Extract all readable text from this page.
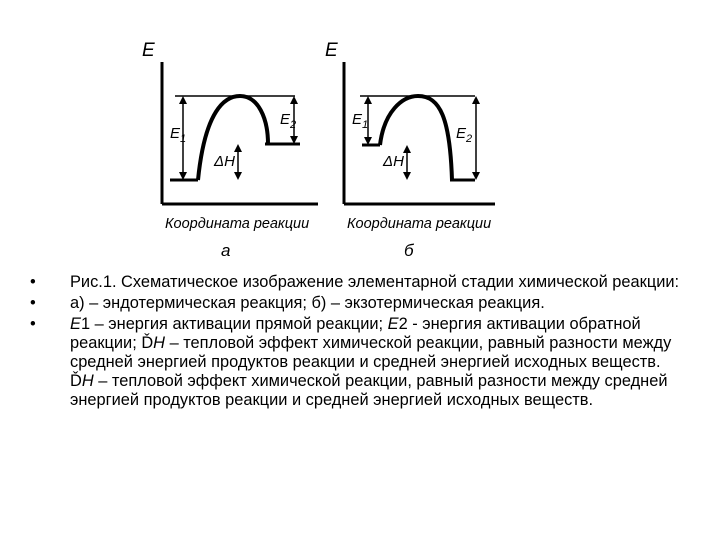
E
Координата реакции
а
$E_1$
$E_2$
ΔH
E
Координата реакции
б
$E_1$	$E_2$
ΔH
•	Рис.1. Схематическое изображение элементарной стадии химической реакции:
•	а) – эндотермическая реакция; б) – экзотермическая реакция.
•	E1 – энергия активации прямой реакции; E2 - энергия активации обратной реакции; ĎH – тепловой эффект химической реакции, равный разности между средней энергией продуктов реакции и средней энергией исходных веществ. ĎH – тепловой эффект химической реакции, равный разности между средней энергией продуктов реакции и средней энергией исходных веществ.
